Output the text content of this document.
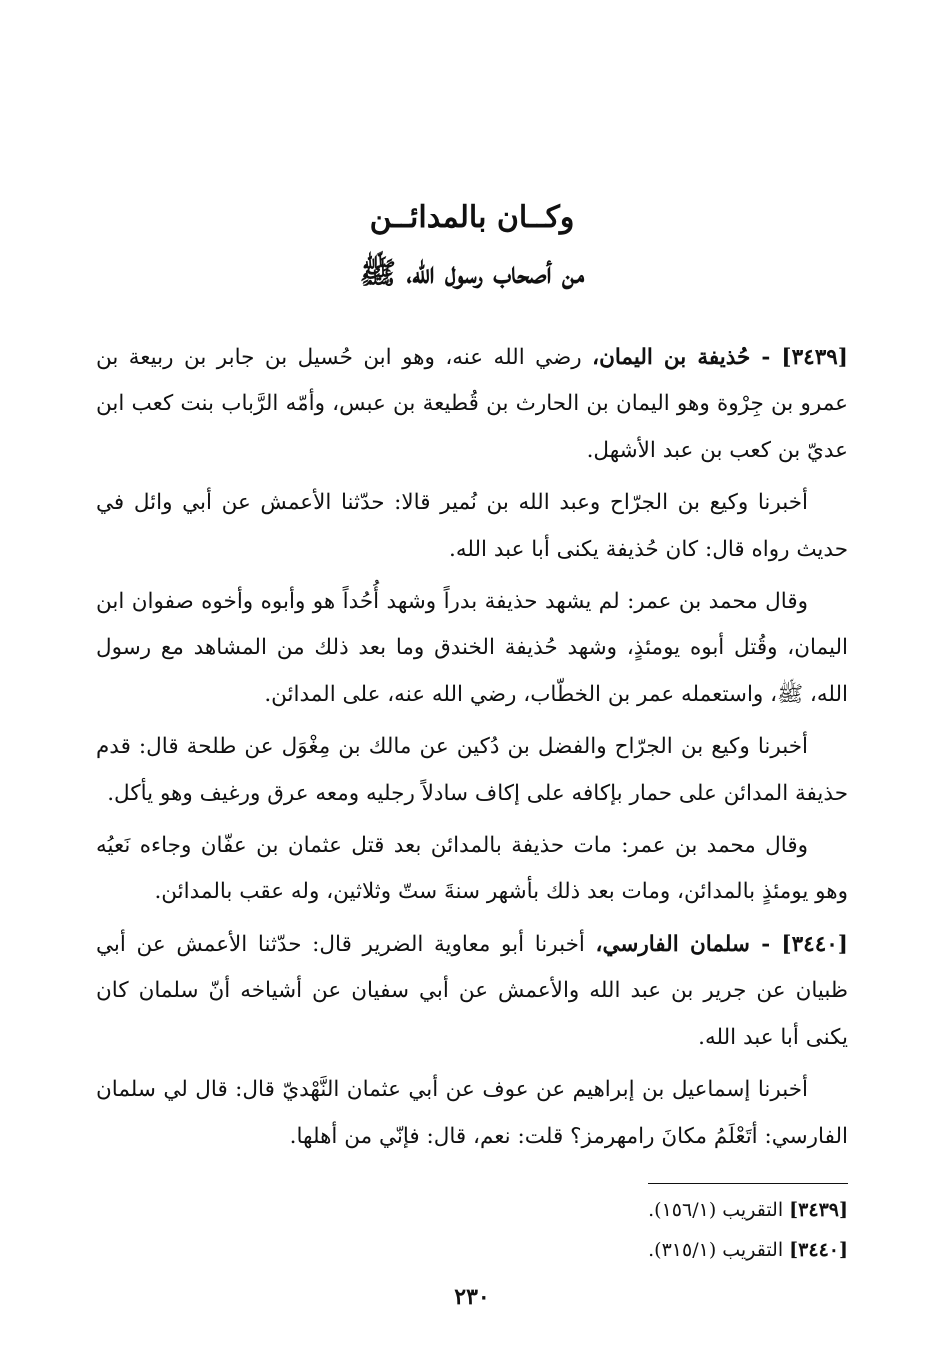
وكــان بالمدائــن
من أصحاب رسول الله، ﷺ

[٣٤٣٩] - حُذيفة بن اليمان، رضي الله عنه، وهو ابن حُسيل بن جابر بن ربيعة بن عمرو بن جِرْوة وهو اليمان بن الحارث بن قُطيعة بن عبس، وأمّه الرَّباب بنت كعب ابن عديّ بن كعب بن عبد الأشهل.

أخبرنا وكيع بن الجرّاح وعبد الله بن نُمير قالا: حدّثنا الأعمش عن أبي وائل في حديث رواه قال: كان حُذيفة يكنى أبا عبد الله.

وقال محمد بن عمر: لم يشهد حذيفة بدراً وشهد أُحُداً هو وأبوه وأخوه صفوان ابن اليمان، وقُتل أبوه يومئذٍ، وشهد حُذيفة الخندق وما بعد ذلك من المشاهد مع رسول الله، ﷺ، واستعمله عمر بن الخطّاب، رضي الله عنه، على المدائن.

أخبرنا وكيع بن الجرّاح والفضل بن دُكين عن مالك بن مِغْوَل عن طلحة قال: قدم حذيفة المدائن على حمار بإكافه على إكاف سادلاً رجليه ومعه عرق ورغيف وهو يأكل.

وقال محمد بن عمر: مات حذيفة بالمدائن بعد قتل عثمان بن عفّان وجاءه نَعيُه وهو يومئذٍ بالمدائن، ومات بعد ذلك بأشهر سنةَ ستّ وثلاثين، وله عقب بالمدائن.

[٣٤٤٠] - سلمان الفارسي، أخبرنا أبو معاوية الضرير قال: حدّثنا الأعمش عن أبي ظبيان عن جرير بن عبد الله والأعمش عن أبي سفيان عن أشياخه أنّ سلمان كان يكنى أبا عبد الله.

أخبرنا إسماعيل بن إبراهيم عن عوف عن أبي عثمان النَّهْديّ قال: قال لي سلمان الفارسي: أتَعْلَمُ مكانَ رامهرمز؟ قلت: نعم، قال: فإنّي من أهلها.

[٣٤٣٩] التقريب (١٥٦/١).
[٣٤٤٠] التقريب (٣١٥/١).
٢٣٠
